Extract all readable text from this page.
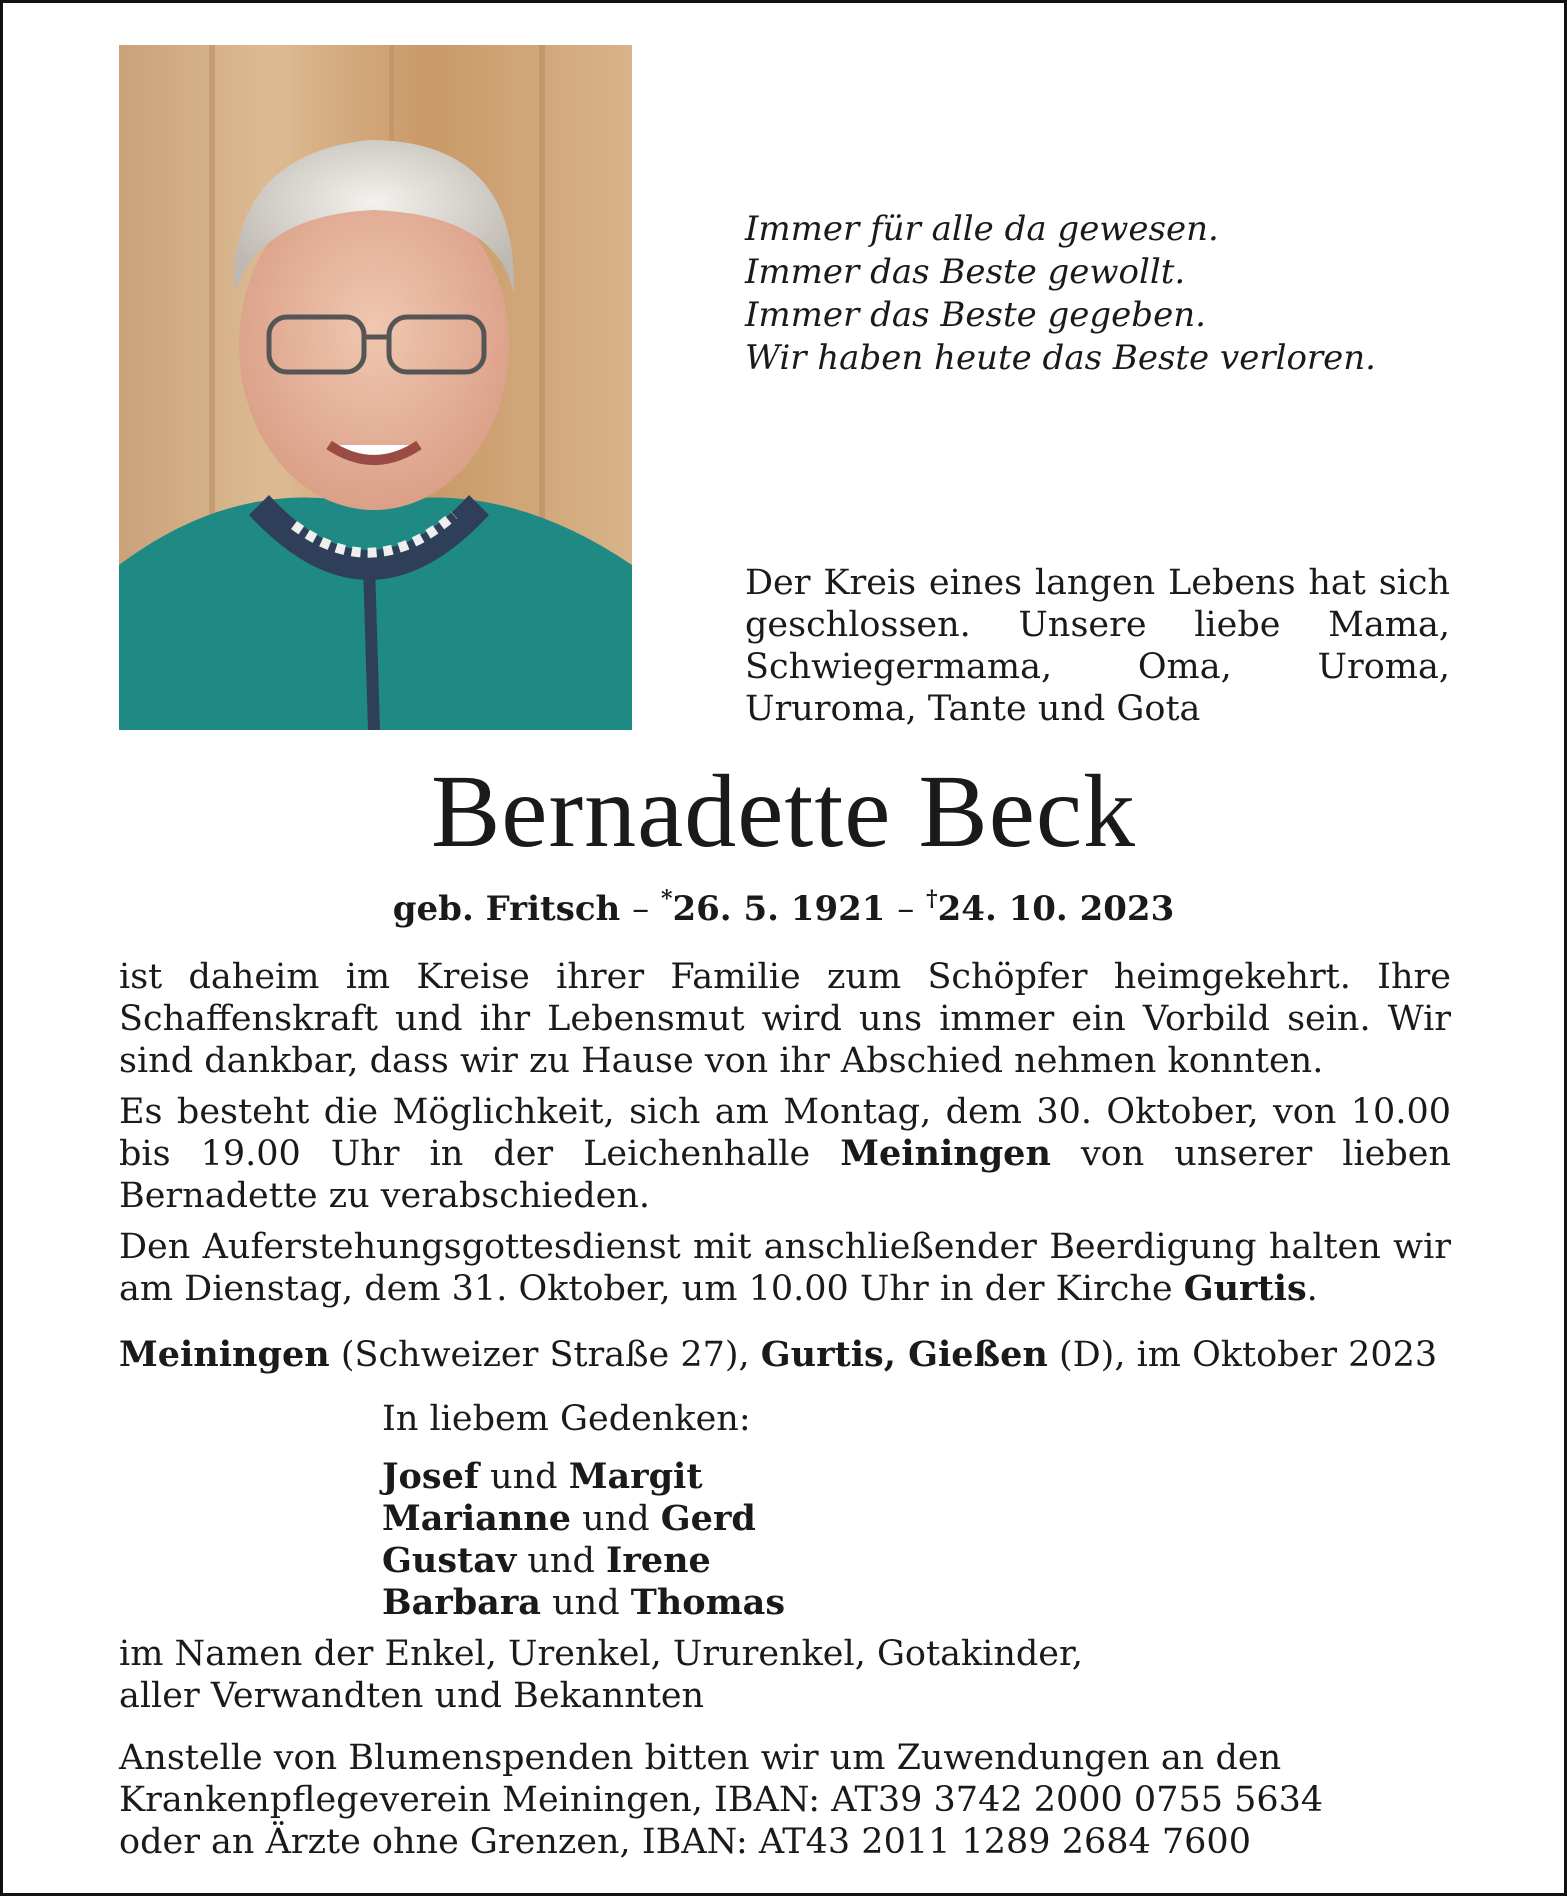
Immer für alle da gewesen.
Immer das Beste gewollt.
Immer das Beste gegeben.
Wir haben heute das Beste verloren.
Der Kreis eines langen Lebens hat sich geschlossen. Unsere liebe Mama, Schwiegermama, Oma, Uroma, Ururoma, Tante und Gota
Bernadette Beck
geb. Fritsch – *26. 5. 1921 – †24. 10. 2023

ist daheim im Kreise ihrer Familie zum Schöpfer heimgekehrt. Ihre Schaffenskraft und ihr Lebensmut wird uns immer ein Vorbild sein. Wir sind dankbar, dass wir zu Hause von ihr Abschied nehmen konnten.

Es besteht die Möglichkeit, sich am Montag, dem 30. Oktober, von 10.00 bis 19.00 Uhr in der Leichenhalle Meiningen von unserer lieben Bernadette zu verabschieden.

Den Auferstehungsgottesdienst mit anschließender Beerdigung halten wir am Dienstag, dem 31. Oktober, um 10.00 Uhr in der Kirche Gurtis.

Meiningen (Schweizer Straße 27), Gurtis, Gießen (D), im Oktober 2023
In liebem Gedenken:
Josef und Margit
Marianne und Gerd
Gustav und Irene
Barbara und Thomas
im Namen der Enkel, Urenkel, Ururenkel, Gotakinder,
aller Verwandten und Bekannten
Anstelle von Blumenspenden bitten wir um Zuwendungen an den
Krankenpflegeverein Meiningen, IBAN: AT39 3742 2000 0755 5634
oder an Ärzte ohne Grenzen, IBAN: AT43 2011 1289 2684 7600
